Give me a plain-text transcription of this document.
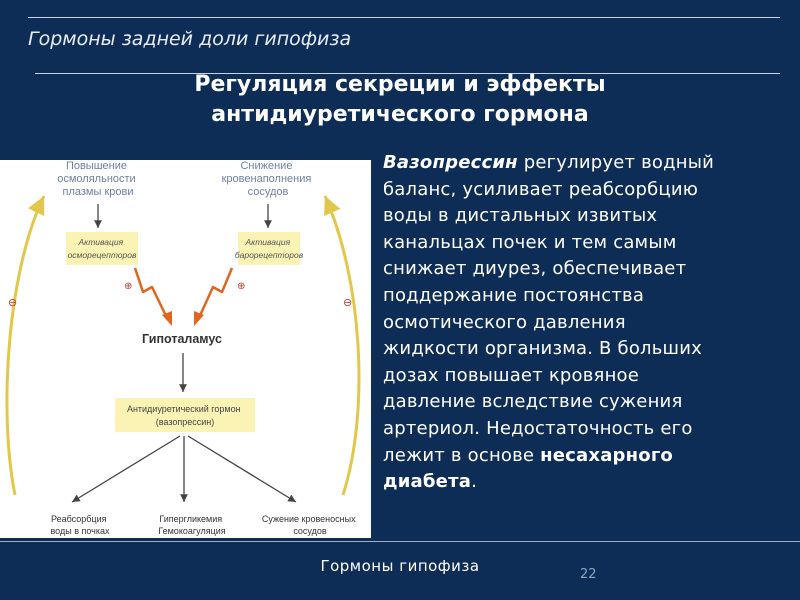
Гормоны задней доли гипофиза
Регуляция секреции и эффекты
антидиуретического гормона
⊖	⊖
Повышение осмоляльности плазмы крови
Снижение кровенаполнения сосудов
Активация осморецепторов
Активация барорецепторов
⊕	⊕
Гипоталамус
Антидиуретический гормон (вазопрессин)
Реабсорбция воды в почках
Гипергликемия Гемокоагуляция
Сужение кровеносных сосудов
Вазопрессин регулирует водный
баланс, усиливает реабсорбцию
воды в дистальных извитых
канальцах почек и тем самым
снижает диурез, обеспечивает
поддержание постоянства
осмотического давления
жидкости организма. В больших
дозах повышает кровяное
давление вследствие сужения
артериол. Недостаточность его
лежит в основе несахарного
диабета.
Гормоны гипофиза	22
